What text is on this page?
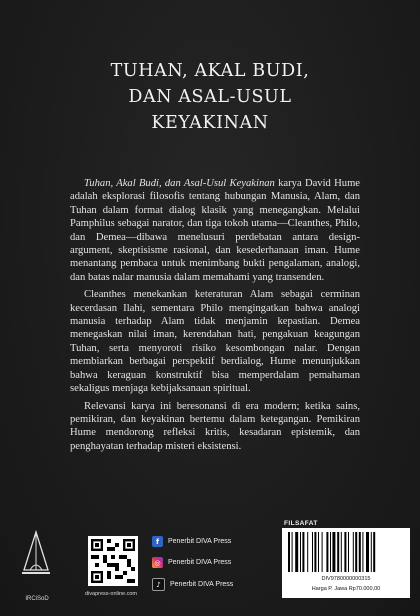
TUHAN, AKAL BUDI,
DAN ASAL-USUL
KEYAKINAN

Tuhan, Akal Budi, dan Asal-Usul Keyakinan karya David Hume adalah eksplorasi filosofis tentang hubungan Manusia, Alam, dan Tuhan dalam format dialog klasik yang menegangkan. Melalui Pamphilus sebagai narator, dan tiga tokoh utama—Cleanthes, Philo, dan Demea—dibawa menelusuri perdebatan antara design-argument, skeptisisme rasional, dan kesederhanaan iman. Hume menantang pembaca untuk menimbang bukti pengalaman, analogi, dan batas nalar manusia dalam memahami yang transenden.

Cleanthes menekankan keteraturan Alam sebagai cerminan kecerdasan Ilahi, sementara Philo mengingatkan bahwa analogi manusia terhadap Alam tidak menjamin kepastian. Demea menegaskan nilai iman, kerendahan hati, pengakuan keagungan Tuhan, serta menyoroti risiko kesombongan nalar. Dengan membiarkan berbagai perspektif berdialog, Hume menunjukkan bahwa keraguan konstruktif bisa memperdalam pemahaman sekaligus menjaga kebijaksanaan spiritual.

Relevansi karya ini beresonansi di era modern; ketika sains, pemikiran, dan keyakinan bertemu dalam ketegangan. Pemikiran Hume mendorong refleksi kritis, kesadaran epistemik, dan penghayatan terhadap misteri eksistensi.

IRCiSoD
divapress-online.com
f	Penerbit DIVA Press
◎	Penerbit DIVA Press
♪	Penerbit DIVA Press
FILSAFAT
DIV9780000000315
Harga P. Jawa Rp70.000,00
